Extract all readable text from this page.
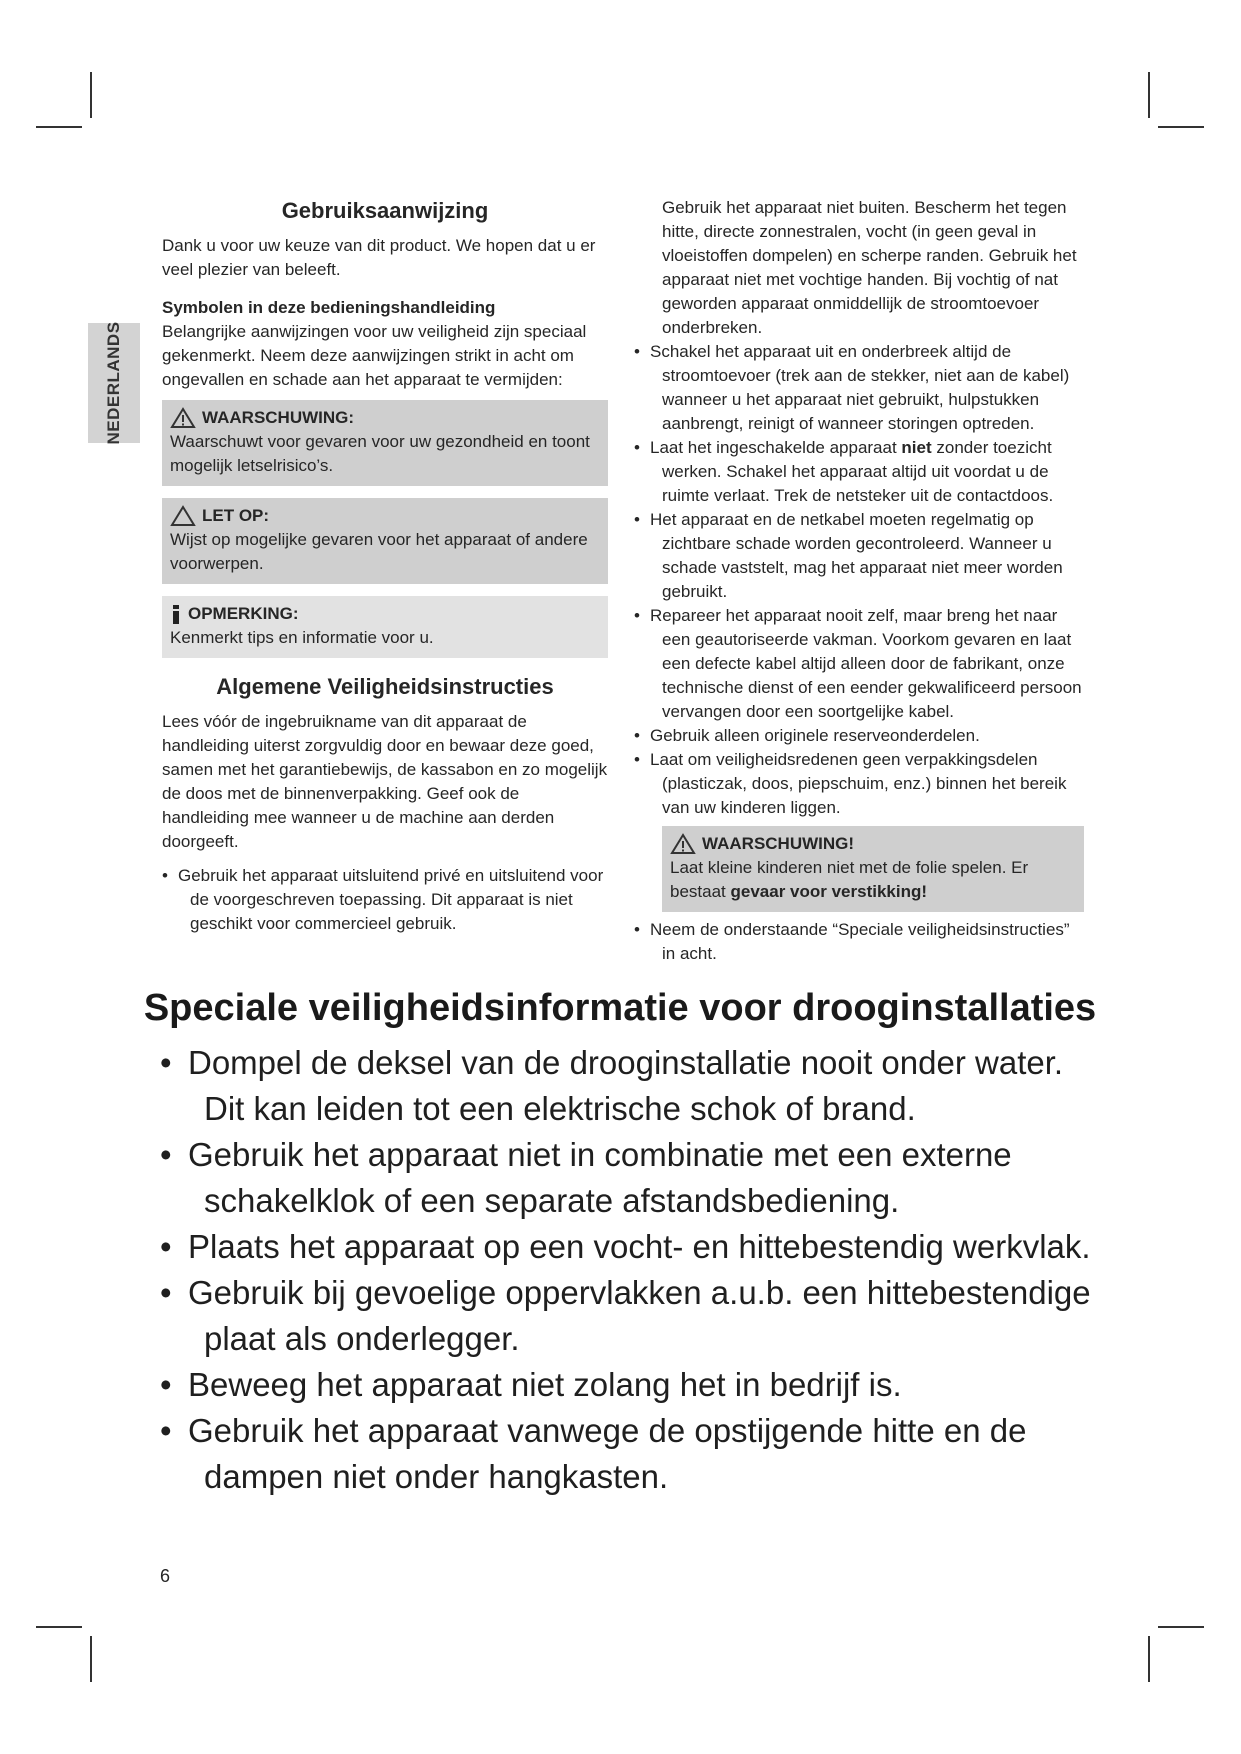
NEDERLANDS
Gebruiksaanwijzing

Dank u voor uw keuze van dit product. We hopen dat u er veel plezier van beleeft.

Symbolen in deze bedieningshandleiding

Belangrijke aanwijzingen voor uw veiligheid zijn speciaal gekenmerkt. Neem deze aanwijzingen strikt in acht om ongevallen en schade aan het apparaat te vermijden:

WAARSCHUWING:

Waarschuwt voor gevaren voor uw gezondheid en toont mogelijk letselrisico’s.

LET OP:

Wijst op mogelijke gevaren voor het apparaat of andere voorwerpen.

OPMERKING:

Kenmerkt tips en informatie voor u.

Algemene Veiligheidsinstructies

Lees vóór de ingebruikname van dit apparaat de handleiding uiterst zorgvuldig door en bewaar deze goed, samen met het garantiebewijs, de kassabon en zo mogelijk de doos met de binnenverpakking. Geef ook de handleiding mee wanneer u de machine aan derden doorgeeft.

• Gebruik het apparaat uitsluitend privé en uitsluitend voor de voorgeschreven toepassing. Dit apparaat is niet geschikt voor commercieel gebruik.

Gebruik het apparaat niet buiten. Bescherm het tegen hitte, directe zonnestralen, vocht (in geen geval in vloeistoffen dompelen) en scherpe randen. Gebruik het apparaat niet met vochtige handen. Bij vochtig of nat geworden apparaat onmiddellijk de stroomtoevoer onderbreken.

• Schakel het apparaat uit en onderbreek altijd de stroomtoevoer (trek aan de stekker, niet aan de kabel) wanneer u het apparaat niet gebruikt, hulpstukken aanbrengt, reinigt of wanneer storingen optreden.
• Laat het ingeschakelde apparaat niet zonder toezicht werken. Schakel het apparaat altijd uit voordat u de ruimte verlaat. Trek de netsteker uit de contactdoos.
• Het apparaat en de netkabel moeten regelmatig op zichtbare schade worden gecontroleerd. Wanneer u schade vaststelt, mag het apparaat niet meer worden gebruikt.
• Repareer het apparaat nooit zelf, maar breng het naar een geautoriseerde vakman. Voorkom gevaren en laat een defecte kabel altijd alleen door de fabrikant, onze technische dienst of een eender gekwalificeerd persoon vervangen door een soortgelijke kabel.
• Gebruik alleen originele reserveonderdelen.
• Laat om veiligheidsredenen geen verpakkingsdelen (plasticzak, doos, piepschuim, enz.) binnen het bereik van uw kinderen liggen.
WAARSCHUWING!

Laat kleine kinderen niet met de folie spelen. Er bestaat gevaar voor verstikking!

• Neem de onderstaande “Speciale veiligheidsinstructies” in acht.
Speciale veiligheidsinformatie voor drooginstallaties
• Dompel de deksel van de drooginstallatie nooit onder water. Dit kan leiden tot een elektrische schok of brand.
• Gebruik het apparaat niet in combinatie met een externe schakelklok of een separate afstandsbediening.
• Plaats het apparaat op een vocht- en hittebestendig werkvlak.
• Gebruik bij gevoelige oppervlakken a.u.b. een hittebestendige plaat als onderlegger.
• Beweeg het apparaat niet zolang het in bedrijf is.
• Gebruik het apparaat vanwege de opstijgende hitte en de dampen niet onder hangkasten.
6
